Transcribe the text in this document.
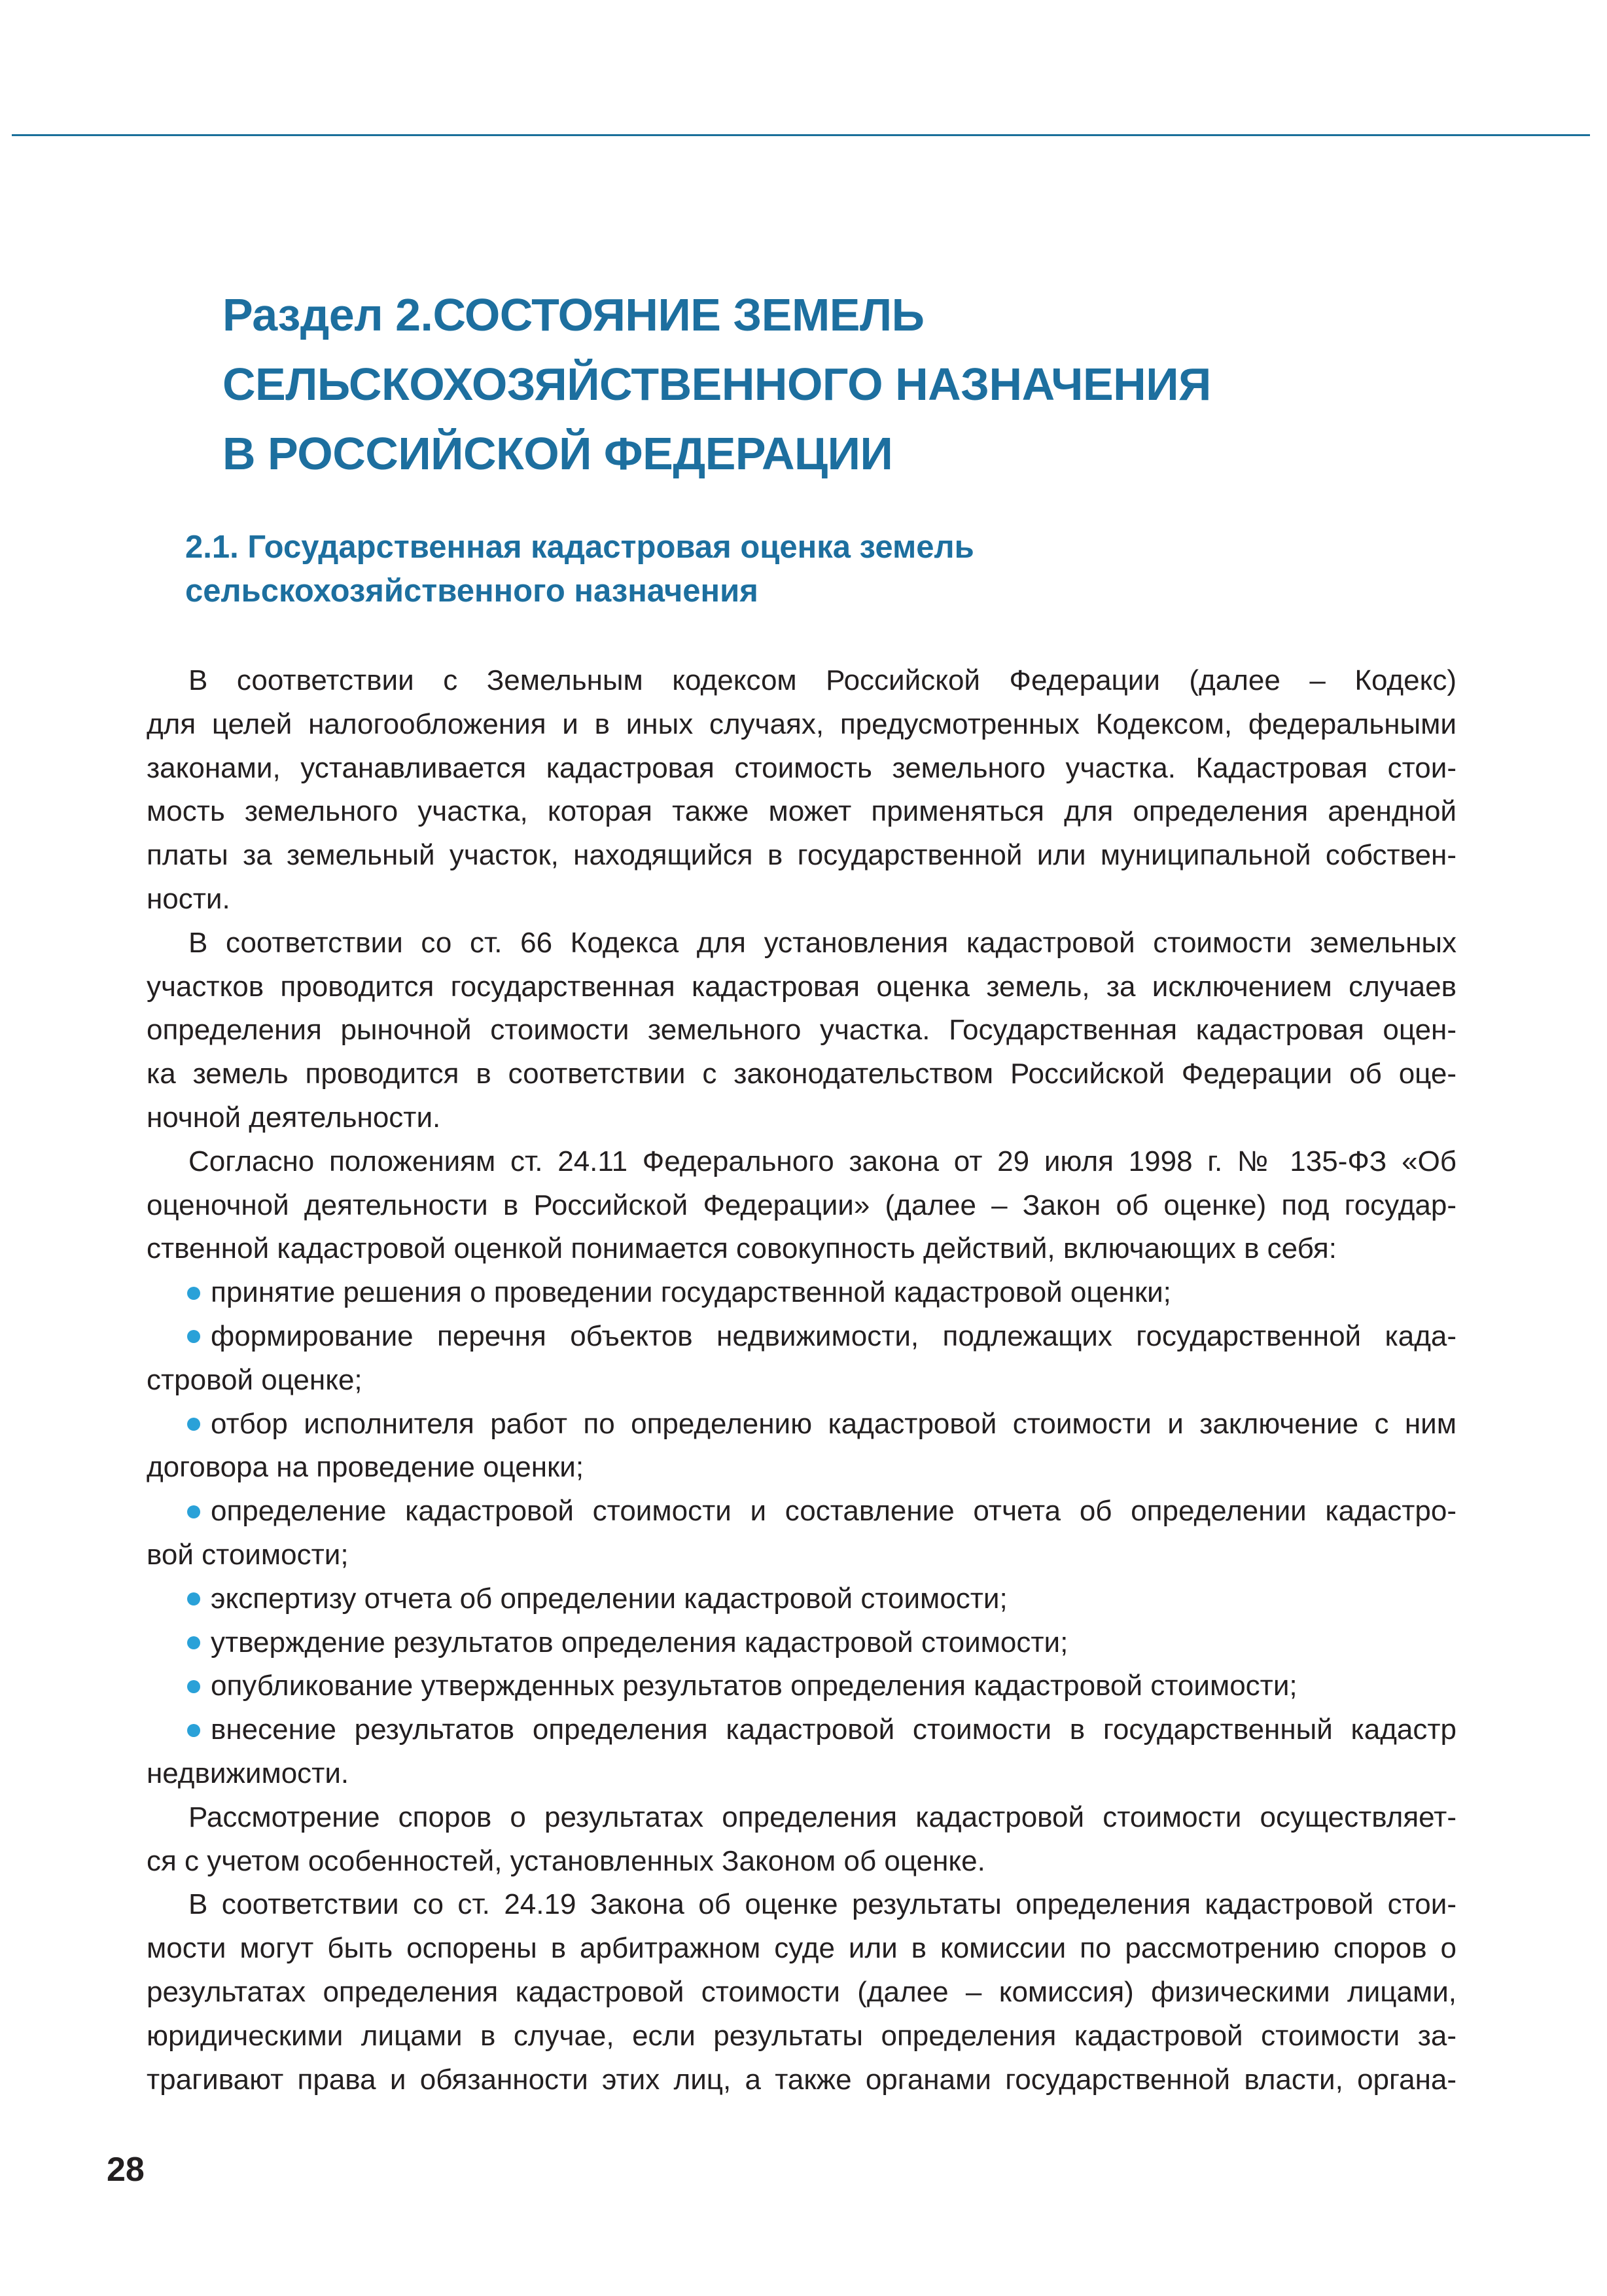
Раздел 2.СОСТОЯНИЕ ЗЕМЕЛЬ
СЕЛЬСКОХОЗЯЙСТВЕННОГО НАЗНАЧЕНИЯ
В РОССИЙСКОЙ ФЕДЕРАЦИИ
2.1. Государственная кадастровая оценка земель
сельскохозяйственного назначения
В соответствии с Земельным кодексом Российской Федерации (далее – Кодекс)
для целей налогообложения и в иных случаях, предусмотренных Кодексом, федеральными
законами, устанавливается кадастровая стоимость земельного участка. Кадастровая стои-
мость земельного участка, которая также может применяться для определения арендной
платы за земельный участок, находящийся в государственной или муниципальной собствен-
ности.
В соответствии со ст. 66 Кодекса для установления кадастровой стоимости земельных
участков проводится государственная кадастровая оценка земель, за исключением случаев
определения рыночной стоимости земельного участка. Государственная кадастровая оцен-
ка земель проводится в соответствии с законодательством Российской Федерации об оце-
ночной деятельности.
Согласно положениям ст. 24.11 Федерального закона от 29 июля 1998 г. № 135-ФЗ «Об
оценочной деятельности в Российской Федерации» (далее – Закон об оценке) под государ-
ственной кадастровой оценкой понимается совокупность действий, включающих в себя:
принятие решения о проведении государственной кадастровой оценки;
формирование перечня объектов недвижимости, подлежащих государственной када-
стровой оценке;
отбор исполнителя работ по определению кадастровой стоимости и заключение с ним
договора на проведение оценки;
определение кадастровой стоимости и составление отчета об определении кадастро-
вой стоимости;
экспертизу отчета об определении кадастровой стоимости;
утверждение результатов определения кадастровой стоимости;
опубликование утвержденных результатов определения кадастровой стоимости;
внесение результатов определения кадастровой стоимости в государственный кадастр
недвижимости.
Рассмотрение споров о результатах определения кадастровой стоимости осуществляет-
ся с учетом особенностей, установленных Законом об оценке.
В соответствии со ст. 24.19 Закона об оценке результаты определения кадастровой стои-
мости могут быть оспорены в арбитражном суде или в комиссии по рассмотрению споров о
результатах определения кадастровой стоимости (далее – комиссия) физическими лицами,
юридическими лицами в случае, если результаты определения кадастровой стоимости за-
трагивают права и обязанности этих лиц, а также органами государственной власти, органа-
28
